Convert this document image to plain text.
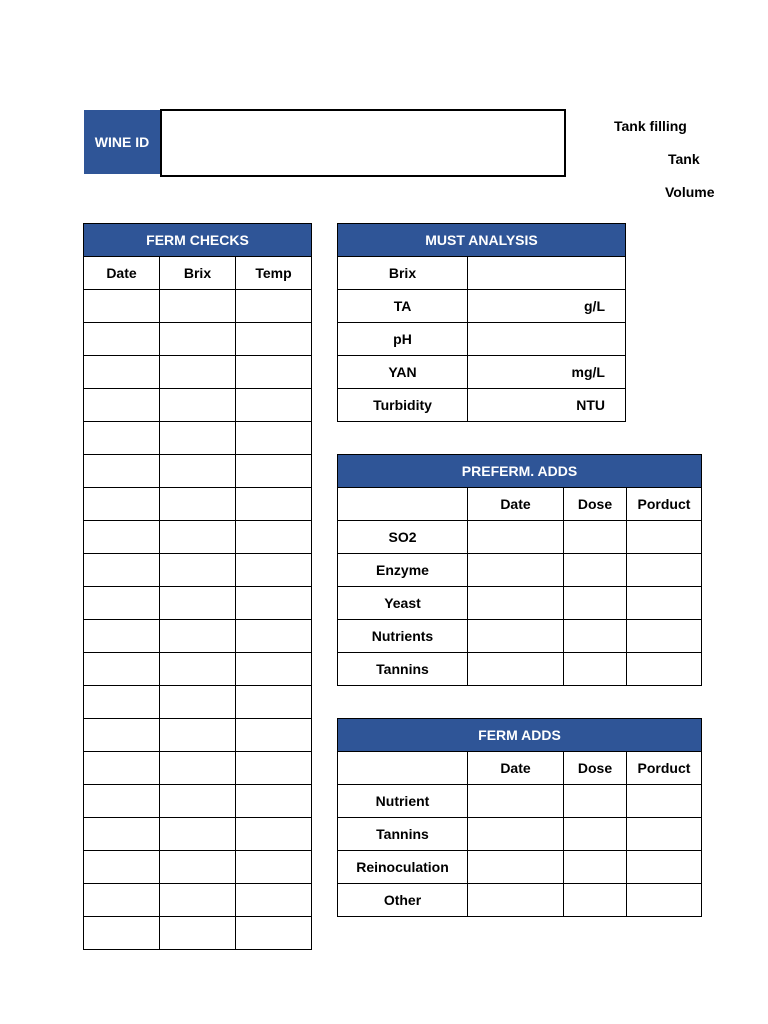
WINE ID
Tank filling
Tank
Volume
FERM CHECKS		
Date	Brix	Temp

MUST ANALYSIS	
Brix	
TA	g/L
pH	
YAN	mg/L
Turbidity	NTU
PREFERM. ADDS			
	Date	Dose	Porduct
SO2			
Enzyme			
Yeast			
Nutrients			
Tannins			
FERM ADDS			
	Date	Dose	Porduct
Nutrient			
Tannins			
Reinoculation			
Other			
